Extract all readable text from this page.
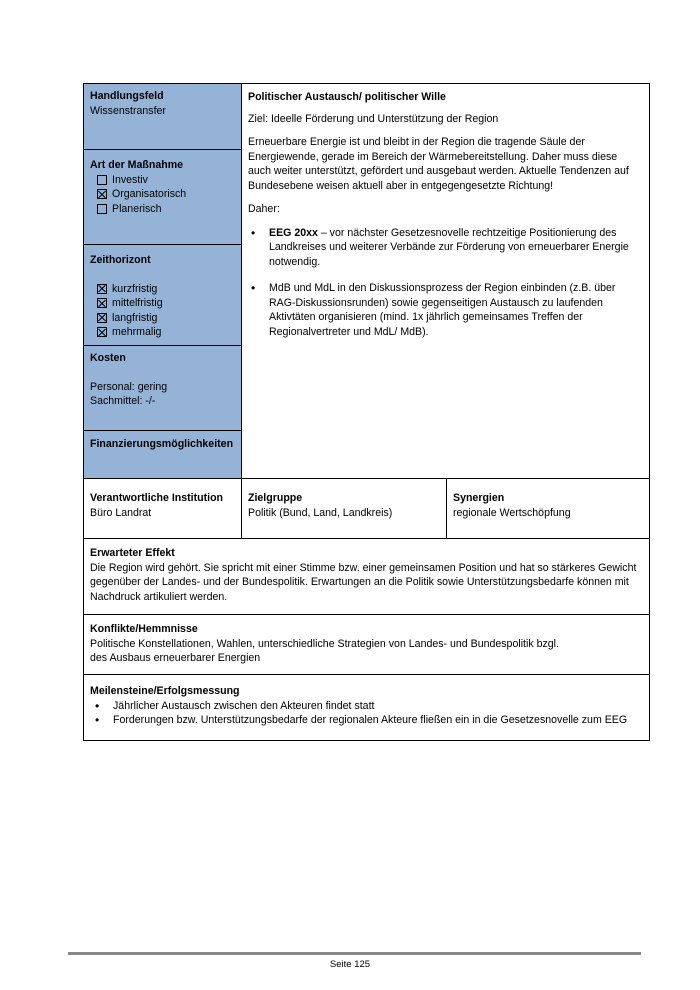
Handlungsfeld

Wissenstransfer

Art der Maßnahme

Investiv
Organisatorisch
Planerisch

Zeithorizont

kurzfristig
mittelfristig
langfristig
mehrmalig

Kosten

Personal: gering

Sachmittel: -/-

Finanzierungsmöglichkeiten

Politischer Austausch/ politischer Wille

Ziel: Ideelle Förderung und Unterstützung der Region

Erneuerbare Energie ist und bleibt in der Region die tragende Säule der Energiewende, gerade im Bereich der Wärmebereitstellung. Daher muss diese auch weiter unterstützt, gefördert und ausgebaut werden. Aktuelle Tendenzen auf Bundesebene weisen aktuell aber in entgegengesetzte Richtung!

Daher:

• EEG 20xx – vor nächster Gesetzesnovelle rechtzeitige Positionierung des Landkreises und weiterer Verbände zur Förderung von erneuerbarer Energie notwendig.
• MdB und MdL in den Diskussionsprozess der Region einbinden (z.B. über RAG-Diskussionsrunden) sowie gegenseitigen Austausch zu laufenden Aktivtäten organisieren (mind. 1x jährlich gemeinsames Treffen der Regionalvertreter und MdL/ MdB).

Verantwortliche Institution

Büro Landrat

Zielgruppe

Politik (Bund, Land, Landkreis)

Synergien

regionale Wertschöpfung

Erwarteter Effekt

Die Region wird gehört. Sie spricht mit einer Stimme bzw. einer gemeinsamen Position und hat so stärkeres Gewicht gegenüber der Landes- und der Bundespolitik. Erwartungen an die Politik sowie Unterstützungsbedarfe können mit Nachdruck artikuliert werden.

Konflikte/Hemmnisse

Politische Konstellationen, Wahlen, unterschiedliche Strategien von Landes- und Bundespolitik bzgl.

des Ausbaus erneuerbarer Energien

Meilensteine/Erfolgsmessung

• Jährlicher Austausch zwischen den Akteuren findet statt
• Forderungen bzw. Unterstützungsbedarfe der regionalen Akteure fließen ein in die Gesetzesnovelle zum EEG
Seite 125
